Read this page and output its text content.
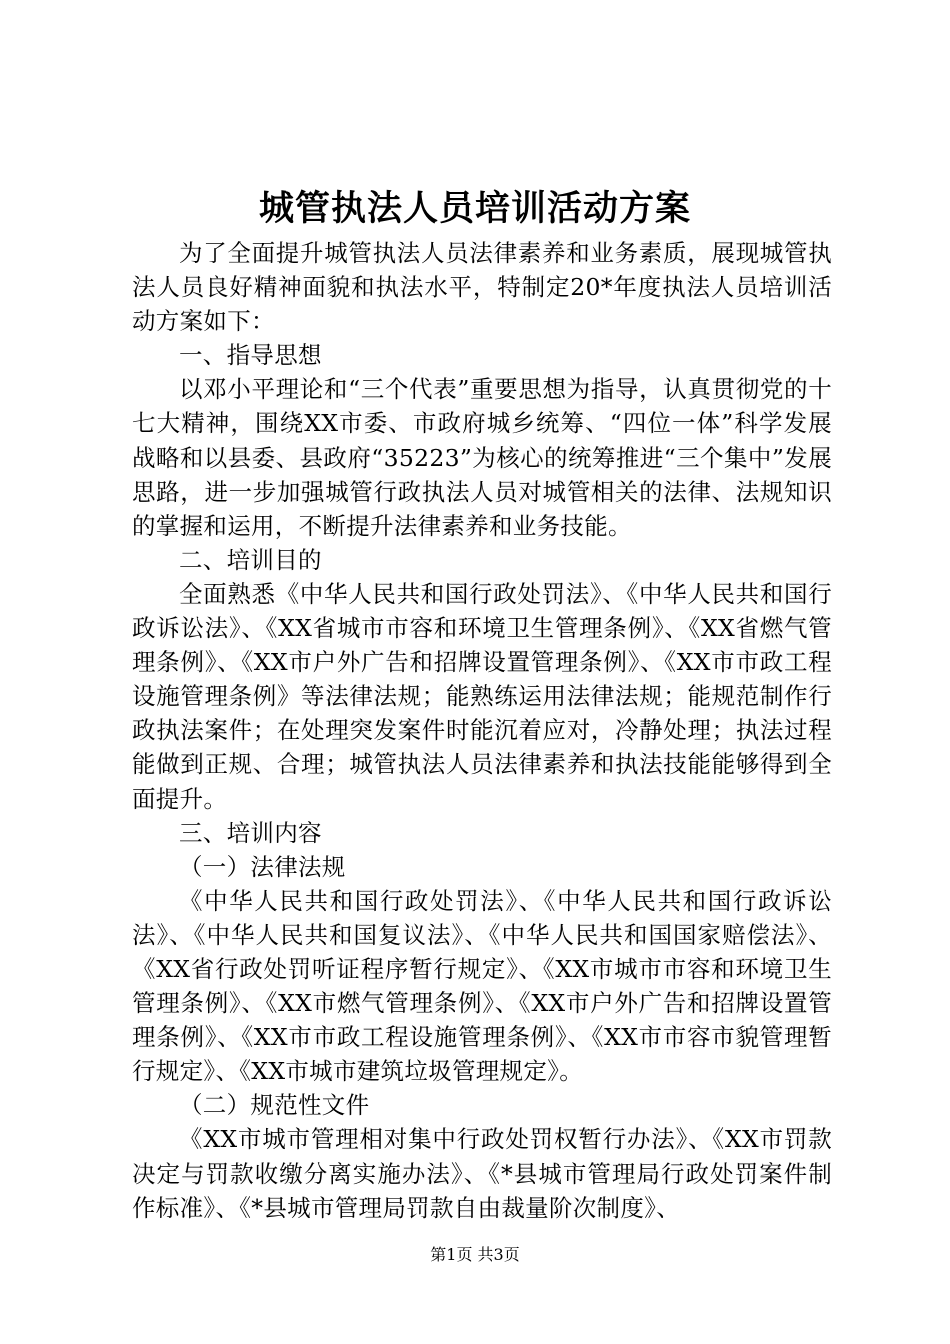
城管执法人员培训活动方案

为了全面提升城管执法人员法律素养和业务素质，展现城管执法人员良好精神面貌和执法水平，特制定20*年度执法人员培训活动方案如下：

一、指导思想

以邓小平理论和“三个代表”重要思想为指导，认真贯彻党的十七大精神，围绕XX市委、市政府城乡统筹、“四位一体”科学发展战略和以县委、县政府“35223”为核心的统筹推进“三个集中”发展思路，进一步加强城管行政执法人员对城管相关的法律、法规知识的掌握和运用，不断提升法律素养和业务技能。

二、培训目的

全面熟悉《中华人民共和国行政处罚法》、《中华人民共和国行政诉讼法》、《XX省城市市容和环境卫生管理条例》、《XX省燃气管理条例》、《XX市户外广告和招牌设置管理条例》、《XX市市政工程设施管理条例》等法律法规；能熟练运用法律法规；能规范制作行政执法案件；在处理突发案件时能沉着应对，冷静处理；执法过程能做到正规、合理；城管执法人员法律素养和执法技能能够得到全面提升。

三、培训内容

（一）法律法规

《中华人民共和国行政处罚法》、《中华人民共和国行政诉讼法》、《中华人民共和国复议法》、《中华人民共和国国家赔偿法》、《XX省行政处罚听证程序暂行规定》、《XX市城市市容和环境卫生管理条例》、《XX市燃气管理条例》、《XX市户外广告和招牌设置管理条例》、《XX市市政工程设施管理条例》、《XX市市容市貌管理暂行规定》、《XX市城市建筑垃圾管理规定》。

（二）规范性文件

《XX市城市管理相对集中行政处罚权暂行办法》、《XX市罚款决定与罚款收缴分离实施办法》、《*县城市管理局行政处罚案件制作标准》、《*县城市管理局罚款自由裁量阶次制度》、

第1页 共3页
